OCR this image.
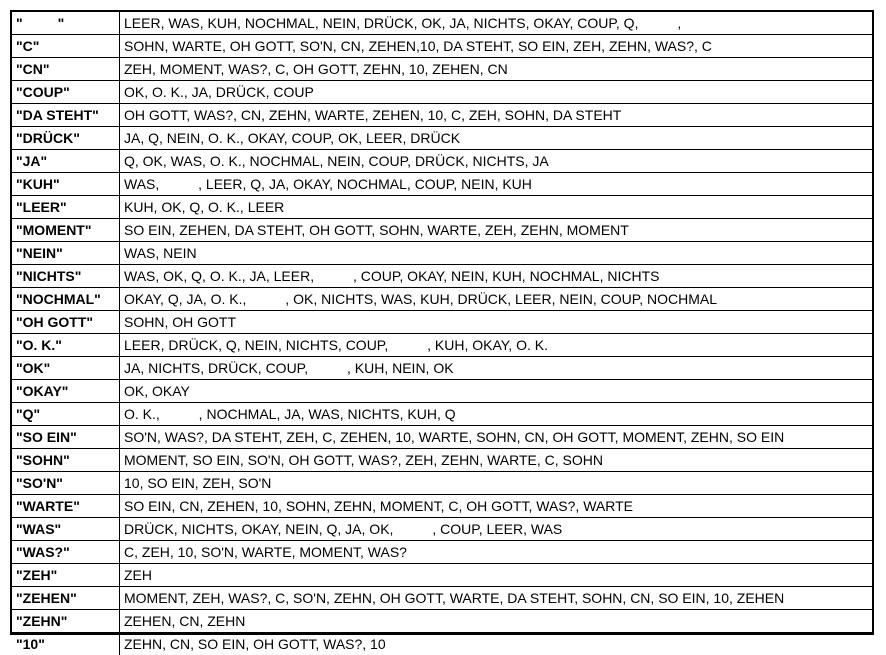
"         "	LEER, WAS, KUH, NOCHMAL, NEIN, DRÜCK, OK, JA, NICHTS, OKAY, COUP, Q,          ,
"C"	SOHN, WARTE, OH GOTT, SO'N, CN, ZEHEN,10, DA STEHT, SO EIN, ZEH, ZEHN, WAS?, C
"CN"	ZEH, MOMENT, WAS?, C, OH GOTT, ZEHN, 10, ZEHEN, CN
"COUP"	OK, O. K., JA, DRÜCK, COUP
"DA STEHT"	OH GOTT, WAS?, CN, ZEHN, WARTE, ZEHEN, 10, C, ZEH, SOHN, DA STEHT
"DRÜCK"	JA, Q, NEIN, O. K., OKAY, COUP, OK, LEER, DRÜCK
"JA"	Q, OK, WAS, O. K., NOCHMAL, NEIN, COUP, DRÜCK, NICHTS, JA
"KUH"	WAS,          , LEER, Q, JA, OKAY, NOCHMAL, COUP, NEIN, KUH
"LEER"	KUH, OK, Q, O. K., LEER
"MOMENT"	SO EIN, ZEHEN, DA STEHT, OH GOTT, SOHN, WARTE, ZEH, ZEHN, MOMENT
"NEIN"	WAS, NEIN
"NICHTS"	WAS, OK, Q, O. K., JA, LEER,          , COUP, OKAY, NEIN, KUH, NOCHMAL, NICHTS
"NOCHMAL"	OKAY, Q, JA, O. K.,          , OK, NICHTS, WAS, KUH, DRÜCK, LEER, NEIN, COUP, NOCHMAL
"OH GOTT"	SOHN, OH GOTT
"O. K."	LEER, DRÜCK, Q, NEIN, NICHTS, COUP,          , KUH, OKAY, O. K.
"OK"	JA, NICHTS, DRÜCK, COUP,          , KUH, NEIN, OK
"OKAY"	OK, OKAY
"Q"	O. K.,          , NOCHMAL, JA, WAS, NICHTS, KUH, Q
"SO EIN"	SO'N, WAS?, DA STEHT, ZEH, C, ZEHEN, 10, WARTE, SOHN, CN, OH GOTT, MOMENT, ZEHN, SO EIN
"SOHN"	MOMENT, SO EIN, SO'N, OH GOTT, WAS?, ZEH, ZEHN, WARTE, C, SOHN
"SO'N"	10, SO EIN, ZEH, SO'N
"WARTE"	SO EIN, CN, ZEHEN, 10, SOHN, ZEHN, MOMENT, C, OH GOTT, WAS?, WARTE
"WAS"	DRÜCK, NICHTS, OKAY, NEIN, Q, JA, OK,          , COUP, LEER, WAS
"WAS?"	C, ZEH, 10, SO'N, WARTE, MOMENT, WAS?
"ZEH"	ZEH
"ZEHEN"	MOMENT, ZEH, WAS?, C, SO'N, ZEHN, OH GOTT, WARTE, DA STEHT, SOHN, CN, SO EIN, 10, ZEHEN
"ZEHN"	ZEHEN, CN, ZEHN
"10"	ZEHN, CN, SO EIN, OH GOTT, WAS?, 10
